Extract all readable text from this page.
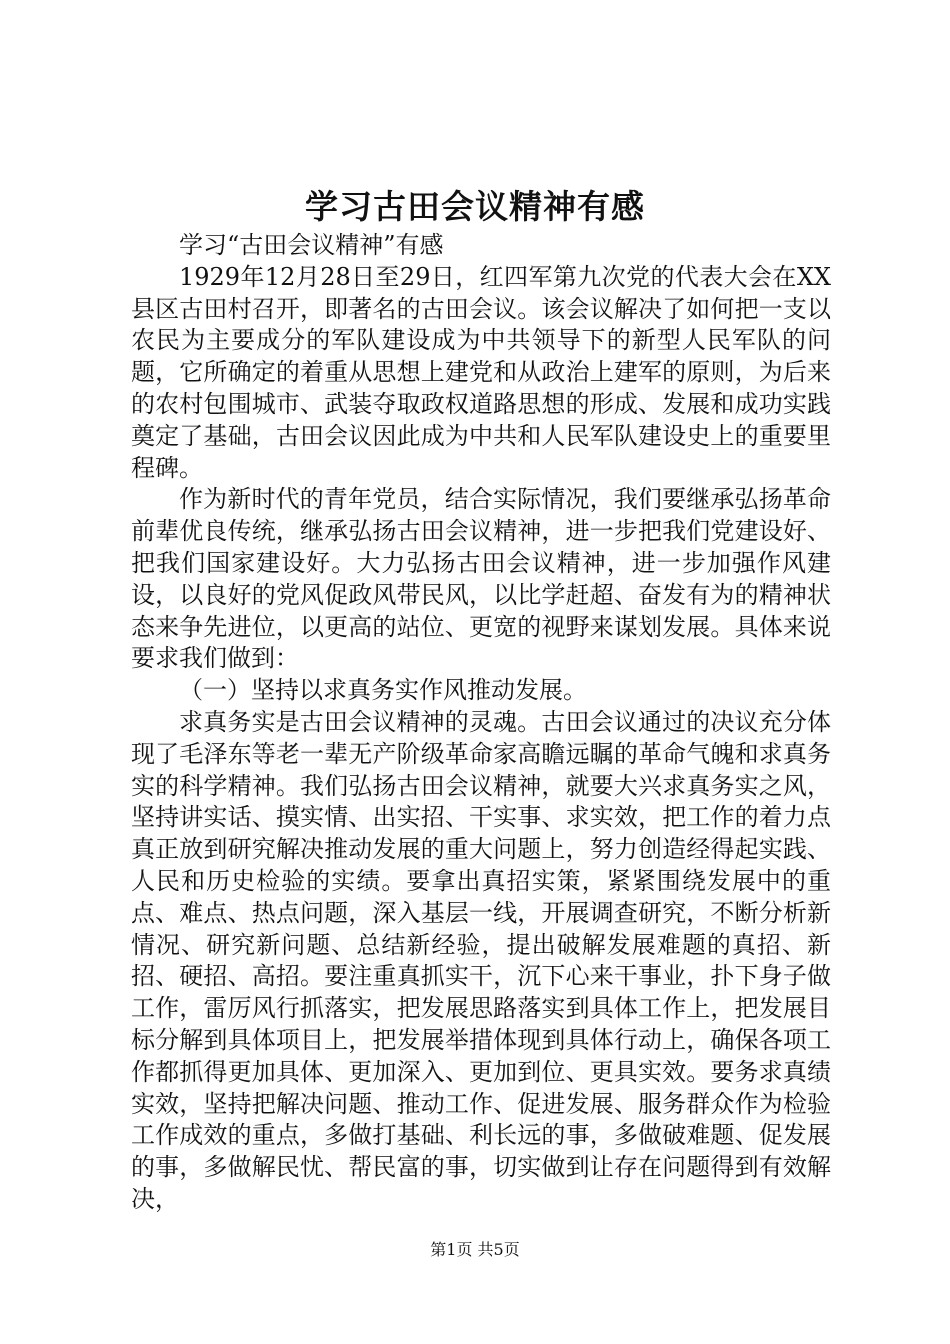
学习古田会议精神有感

学习“古田会议精神”有感

1929年12月28日至29日，红四军第九次党的代表大会在XX县区古田村召开，即著名的古田会议。该会议解决了如何把一支以农民为主要成分的军队建设成为中共领导下的新型人民军队的问题，它所确定的着重从思想上建党和从政治上建军的原则，为后来的农村包围城市、武装夺取政权道路思想的形成、发展和成功实践奠定了基础，古田会议因此成为中共和人民军队建设史上的重要里程碑。

作为新时代的青年党员，结合实际情况，我们要继承弘扬革命前辈优良传统，继承弘扬古田会议精神，进一步把我们党建设好、把我们国家建设好。大力弘扬古田会议精神，进一步加强作风建设，以良好的党风促政风带民风，以比学赶超、奋发有为的精神状态来争先进位，以更高的站位、更宽的视野来谋划发展。具体来说要求我们做到：

（一）坚持以求真务实作风推动发展。

求真务实是古田会议精神的灵魂。古田会议通过的决议充分体现了毛泽东等老一辈无产阶级革命家高瞻远瞩的革命气魄和求真务实的科学精神。我们弘扬古田会议精神，就要大兴求真务实之风，坚持讲实话、摸实情、出实招、干实事、求实效，把工作的着力点真正放到研究解决推动发展的重大问题上，努力创造经得起实践、人民和历史检验的实绩。要拿出真招实策，紧紧围绕发展中的重点、难点、热点问题，深入基层一线，开展调查研究，不断分析新情况、研究新问题、总结新经验，提出破解发展难题的真招、新招、硬招、高招。要注重真抓实干，沉下心来干事业，扑下身子做工作，雷厉风行抓落实，把发展思路落实到具体工作上，把发展目标分解到具体项目上，把发展举措体现到具体行动上，确保各项工作都抓得更加具体、更加深入、更加到位、更具实效。要务求真绩实效，坚持把解决问题、推动工作、促进发展、服务群众作为检验工作成效的重点，多做打基础、利长远的事，多做破难题、促发展的事，多做解民忧、帮民富的事，切实做到让存在问题得到有效解决，

第1页 共5页
